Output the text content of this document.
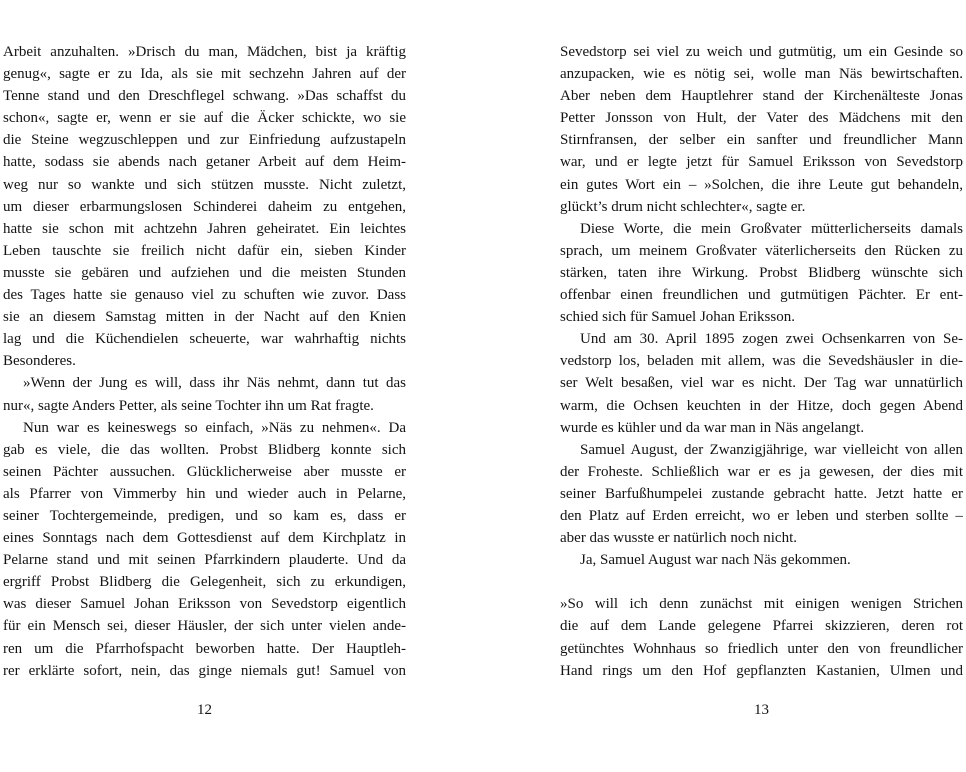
Arbeit anzuhalten. »Drisch du man, Mädchen, bist ja kräftig
genug«, sagte er zu Ida, als sie mit sechzehn Jahren auf der
Tenne stand und den Dreschflegel schwang. »Das schaffst du
schon«, sagte er, wenn er sie auf die Äcker schickte, wo sie
die Steine wegzuschleppen und zur Einfriedung aufzustapeln
hatte, sodass sie abends nach getaner Arbeit auf dem Heim-
weg nur so wankte und sich stützen musste. Nicht zuletzt,
um dieser erbarmungslosen Schinderei daheim zu entgehen,
hatte sie schon mit achtzehn Jahren geheiratet. Ein leichtes
Leben tauschte sie freilich nicht dafür ein, sieben Kinder
musste sie gebären und aufziehen und die meisten Stunden
des Tages hatte sie genauso viel zu schuften wie zuvor. Dass
sie an diesem Samstag mitten in der Nacht auf den Knien
lag und die Küchendielen scheuerte, war wahrhaftig nichts
Besonderes.
»Wenn der Jung es will, dass ihr Näs nehmt, dann tut das
nur«, sagte Anders Petter, als seine Tochter ihn um Rat fragte.
Nun war es keineswegs so einfach, »Näs zu nehmen«. Da
gab es viele, die das wollten. Probst Blidberg konnte sich
seinen Pächter aussuchen. Glücklicherweise aber musste er
als Pfarrer von Vimmerby hin und wieder auch in Pelarne,
seiner Tochtergemeinde, predigen, und so kam es, dass er
eines Sonntags nach dem Gottesdienst auf dem Kirchplatz in
Pelarne stand und mit seinen Pfarrkindern plauderte. Und da
ergriff Probst Blidberg die Gelegenheit, sich zu erkundigen,
was dieser Samuel Johan Eriksson von Sevedstorp eigentlich
für ein Mensch sei, dieser Häusler, der sich unter vielen ande-
ren um die Pfarrhofspacht beworben hatte. Der Hauptleh-
rer erklärte sofort, nein, das ginge niemals gut! Samuel von
12
Sevedstorp sei viel zu weich und gutmütig, um ein Gesinde so
anzupacken, wie es nötig sei, wolle man Näs bewirtschaften.
Aber neben dem Hauptlehrer stand der Kirchenälteste Jonas
Petter Jonsson von Hult, der Vater des Mädchens mit den
Stirnfransen, der selber ein sanfter und freundlicher Mann
war, und er legte jetzt für Samuel Eriksson von Sevedstorp
ein gutes Wort ein – »Solchen, die ihre Leute gut behandeln,
glückt’s drum nicht schlechter«, sagte er.
Diese Worte, die mein Großvater mütterlicherseits damals
sprach, um meinem Großvater väterlicherseits den Rücken zu
stärken, taten ihre Wirkung. Probst Blidberg wünschte sich
offenbar einen freundlichen und gutmütigen Pächter. Er ent-
schied sich für Samuel Johan Eriksson.
Und am 30. April 1895 zogen zwei Ochsenkarren von Se-
vedstorp los, beladen mit allem, was die Sevedshäusler in die-
ser Welt besaßen, viel war es nicht. Der Tag war unnatürlich
warm, die Ochsen keuchten in der Hitze, doch gegen Abend
wurde es kühler und da war man in Näs angelangt.
Samuel August, der Zwanzigjährige, war vielleicht von allen
der Froheste. Schließlich war er es ja gewesen, der dies mit
seiner Barfußhumpelei zustande gebracht hatte. Jetzt hatte er
den Platz auf Erden erreicht, wo er leben und sterben sollte –
aber das wusste er natürlich noch nicht.
Ja, Samuel August war nach Näs gekommen.
»So will ich denn zunächst mit einigen wenigen Strichen
die auf dem Lande gelegene Pfarrei skizzieren, deren rot
getünchtes Wohnhaus so friedlich unter den von freundlicher
Hand rings um den Hof gepflanzten Kastanien, Ulmen und
13
